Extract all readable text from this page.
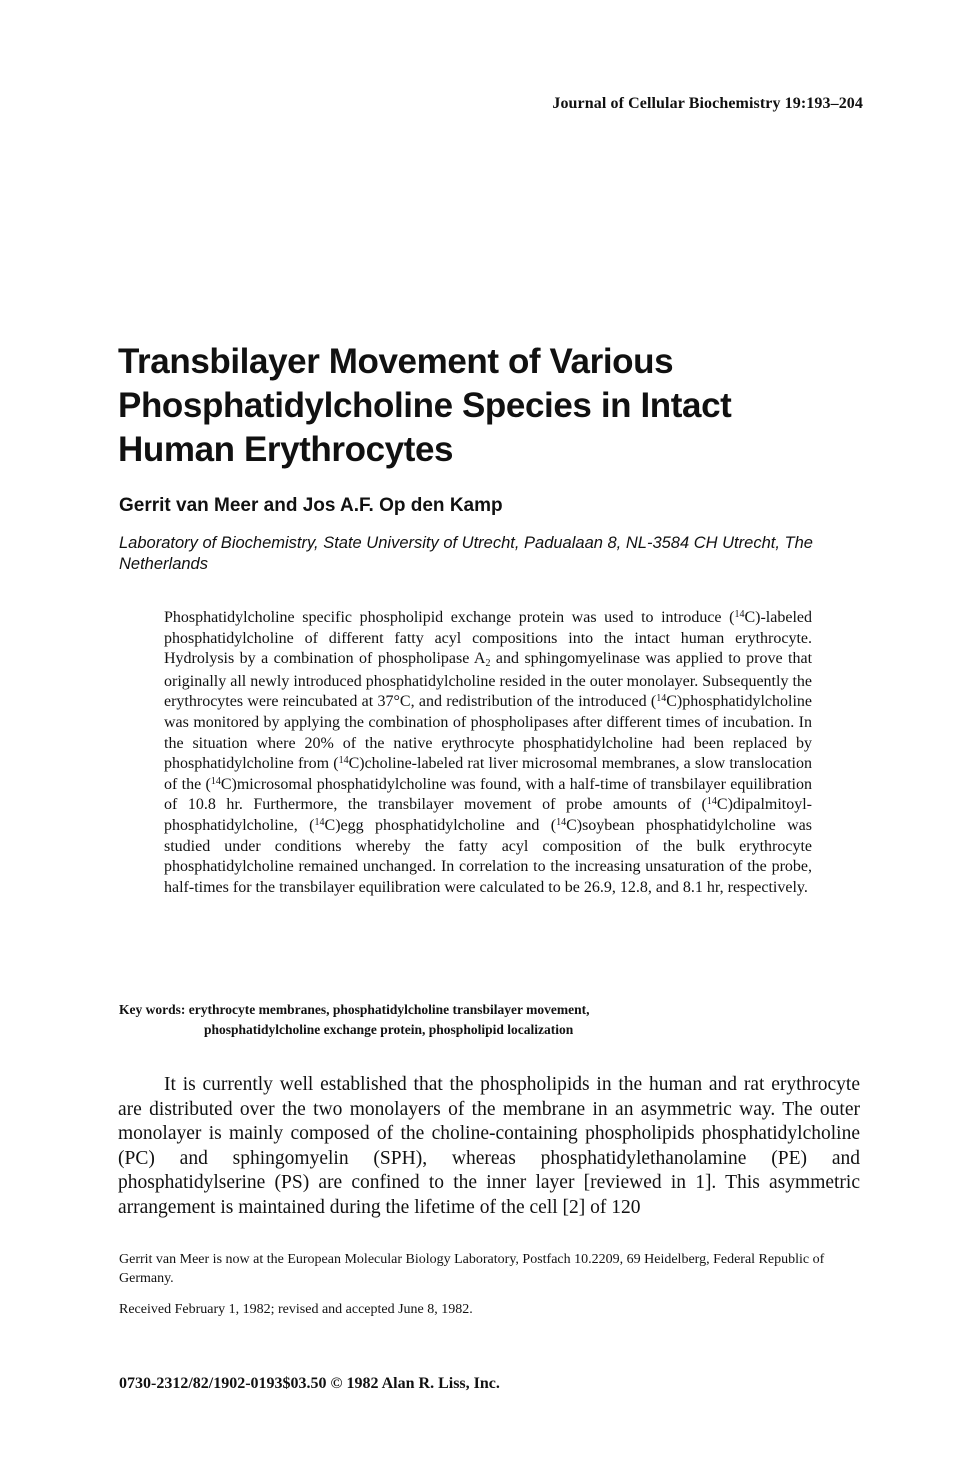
Journal of Cellular Biochemistry 19:193–204
Transbilayer Movement of Various
Phosphatidylcholine Species in Intact
Human Erythrocytes
Gerrit van Meer and Jos A.F. Op den Kamp
Laboratory of Biochemistry, State University of Utrecht, Padualaan 8, NL-3584 CH Utrecht, The Netherlands

Phosphatidylcholine specific phospholipid exchange protein was used to introduce ($^{14}$C)-labeled phosphatidylcholine of different fatty acyl compositions into the intact human erythrocyte. Hydrolysis by a combination of phospholipase $A_2$ and sphingomyelinase was applied to prove that originally all newly introduced phosphatidylcholine resided in the outer monolayer. Subsequently the erythrocytes were reincubated at 37°C, and redistribution of the introduced ($^{14}$C)phosphatidylcholine was monitored by applying the combination of phospholipases after different times of incubation. In the situation where 20% of the native erythrocyte phosphatidylcholine had been replaced by phosphatidylcholine from ($^{14}$C)choline-labeled rat liver microsomal membranes, a slow translocation of the ($^{14}$C)microsomal phosphatidylcholine was found, with a half-time of transbilayer equilibration of 10.8 hr. Furthermore, the transbilayer movement of probe amounts of ($^{14}$C)dipalmitoyl-phosphatidylcholine, ($^{14}$C)egg phosphatidylcholine and ($^{14}$C)soybean phosphatidylcholine was studied under conditions whereby the fatty acyl composition of the bulk erythrocyte phosphatidylcholine remained unchanged. In correlation to the increasing unsaturation of the probe, half-times for the transbilayer equilibration were calculated to be 26.9, 12.8, and 8.1 hr, respectively.

Key words: erythrocyte membranes, phosphatidylcholine transbilayer movement,
phosphatidylcholine exchange protein, phospholipid localization

It is currently well established that the phospholipids in the human and rat erythrocyte are distributed over the two monolayers of the membrane in an asymmetric way. The outer monolayer is mainly composed of the choline-containing phospholipids phosphatidylcholine (PC) and sphingomyelin (SPH), whereas phosphatidylethanolamine (PE) and phosphatidylserine (PS) are confined to the inner layer [reviewed in 1]. This asymmetric arrangement is maintained during the lifetime of the cell [2] of 120

Gerrit van Meer is now at the European Molecular Biology Laboratory, Postfach 10.2209, 69 Heidelberg, Federal Republic of Germany.

Received February 1, 1982; revised and accepted June 8, 1982.

0730-2312/82/1902-0193$03.50 © 1982 Alan R. Liss, Inc.
